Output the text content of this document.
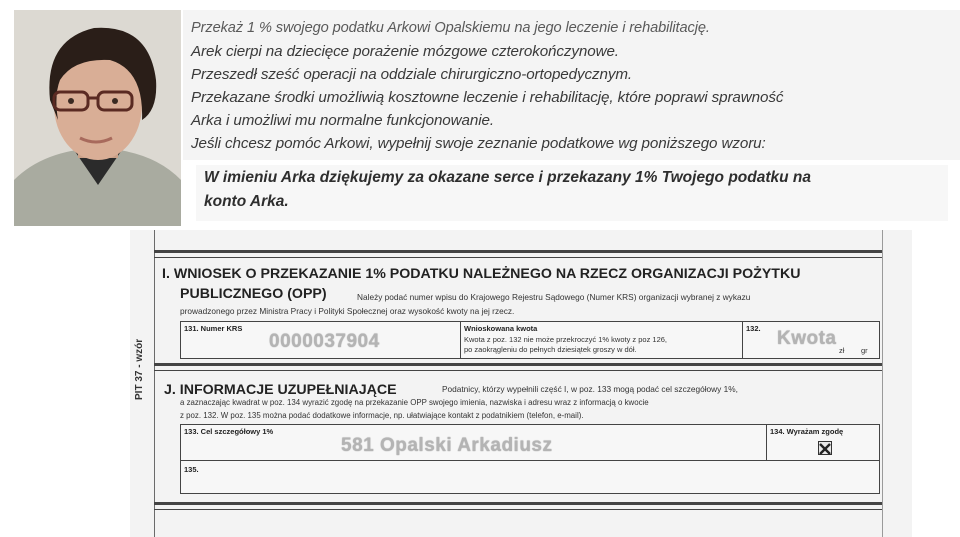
Przekaż 1 % swojego podatku Arkowi Opalskiemu na jego leczenie i rehabilitację.
Arek cierpi na dziecięce porażenie mózgowe czterokończynowe.
Przeszedł sześć operacji na oddziale chirurgiczno-ortopedycznym.
Przekazane środki umożliwią kosztowne leczenie i rehabilitację, które poprawi sprawność
Arka i umożliwi mu normalne funkcjonowanie.
Jeśli chcesz pomóc Arkowi, wypełnij swoje zeznanie podatkowe wg poniższego wzoru:
W imieniu Arka dziękujemy za okazane serce i przekazany 1% Twojego podatku na
konto Arka.
PIT 37 - wzór
I. WNIOSEK O PRZEKAZANIE 1% PODATKU NALEŻNEGO NA RZECZ ORGANIZACJI POŻYTKU
PUBLICZNEGO (OPP)	Należy podać numer wpisu do Krajowego Rejestru Sądowego (Numer KRS) organizacji wybranej z wykazu
prowadzonego przez Ministra Pracy i Polityki Społecznej oraz wysokość kwoty na jej rzecz.
131. Numer KRS
0000037904
Wnioskowana kwota
Kwota z poz. 132 nie może przekroczyć 1% kwoty z poz 126,
po zaokrągleniu do pełnych dziesiątek groszy w dół.
132. Kwota
zł gr
J. INFORMACJE UZUPEŁNIAJĄCE	Podatnicy, którzy wypełnili część I, w poz. 133 mogą podać cel szczegółowy 1%,
a zaznaczając kwadrat w poz. 134 wyrazić zgodę na przekazanie OPP swojego imienia, nazwiska i adresu wraz z informacją o kwocie
z poz. 132. W poz. 135 można podać dodatkowe informacje, np. ułatwiające kontakt z podatnikiem (telefon, e-mail).
133. Cel szczegółowy 1%
581 Opalski Arkadiusz
134. Wyrażam zgodę
135.
